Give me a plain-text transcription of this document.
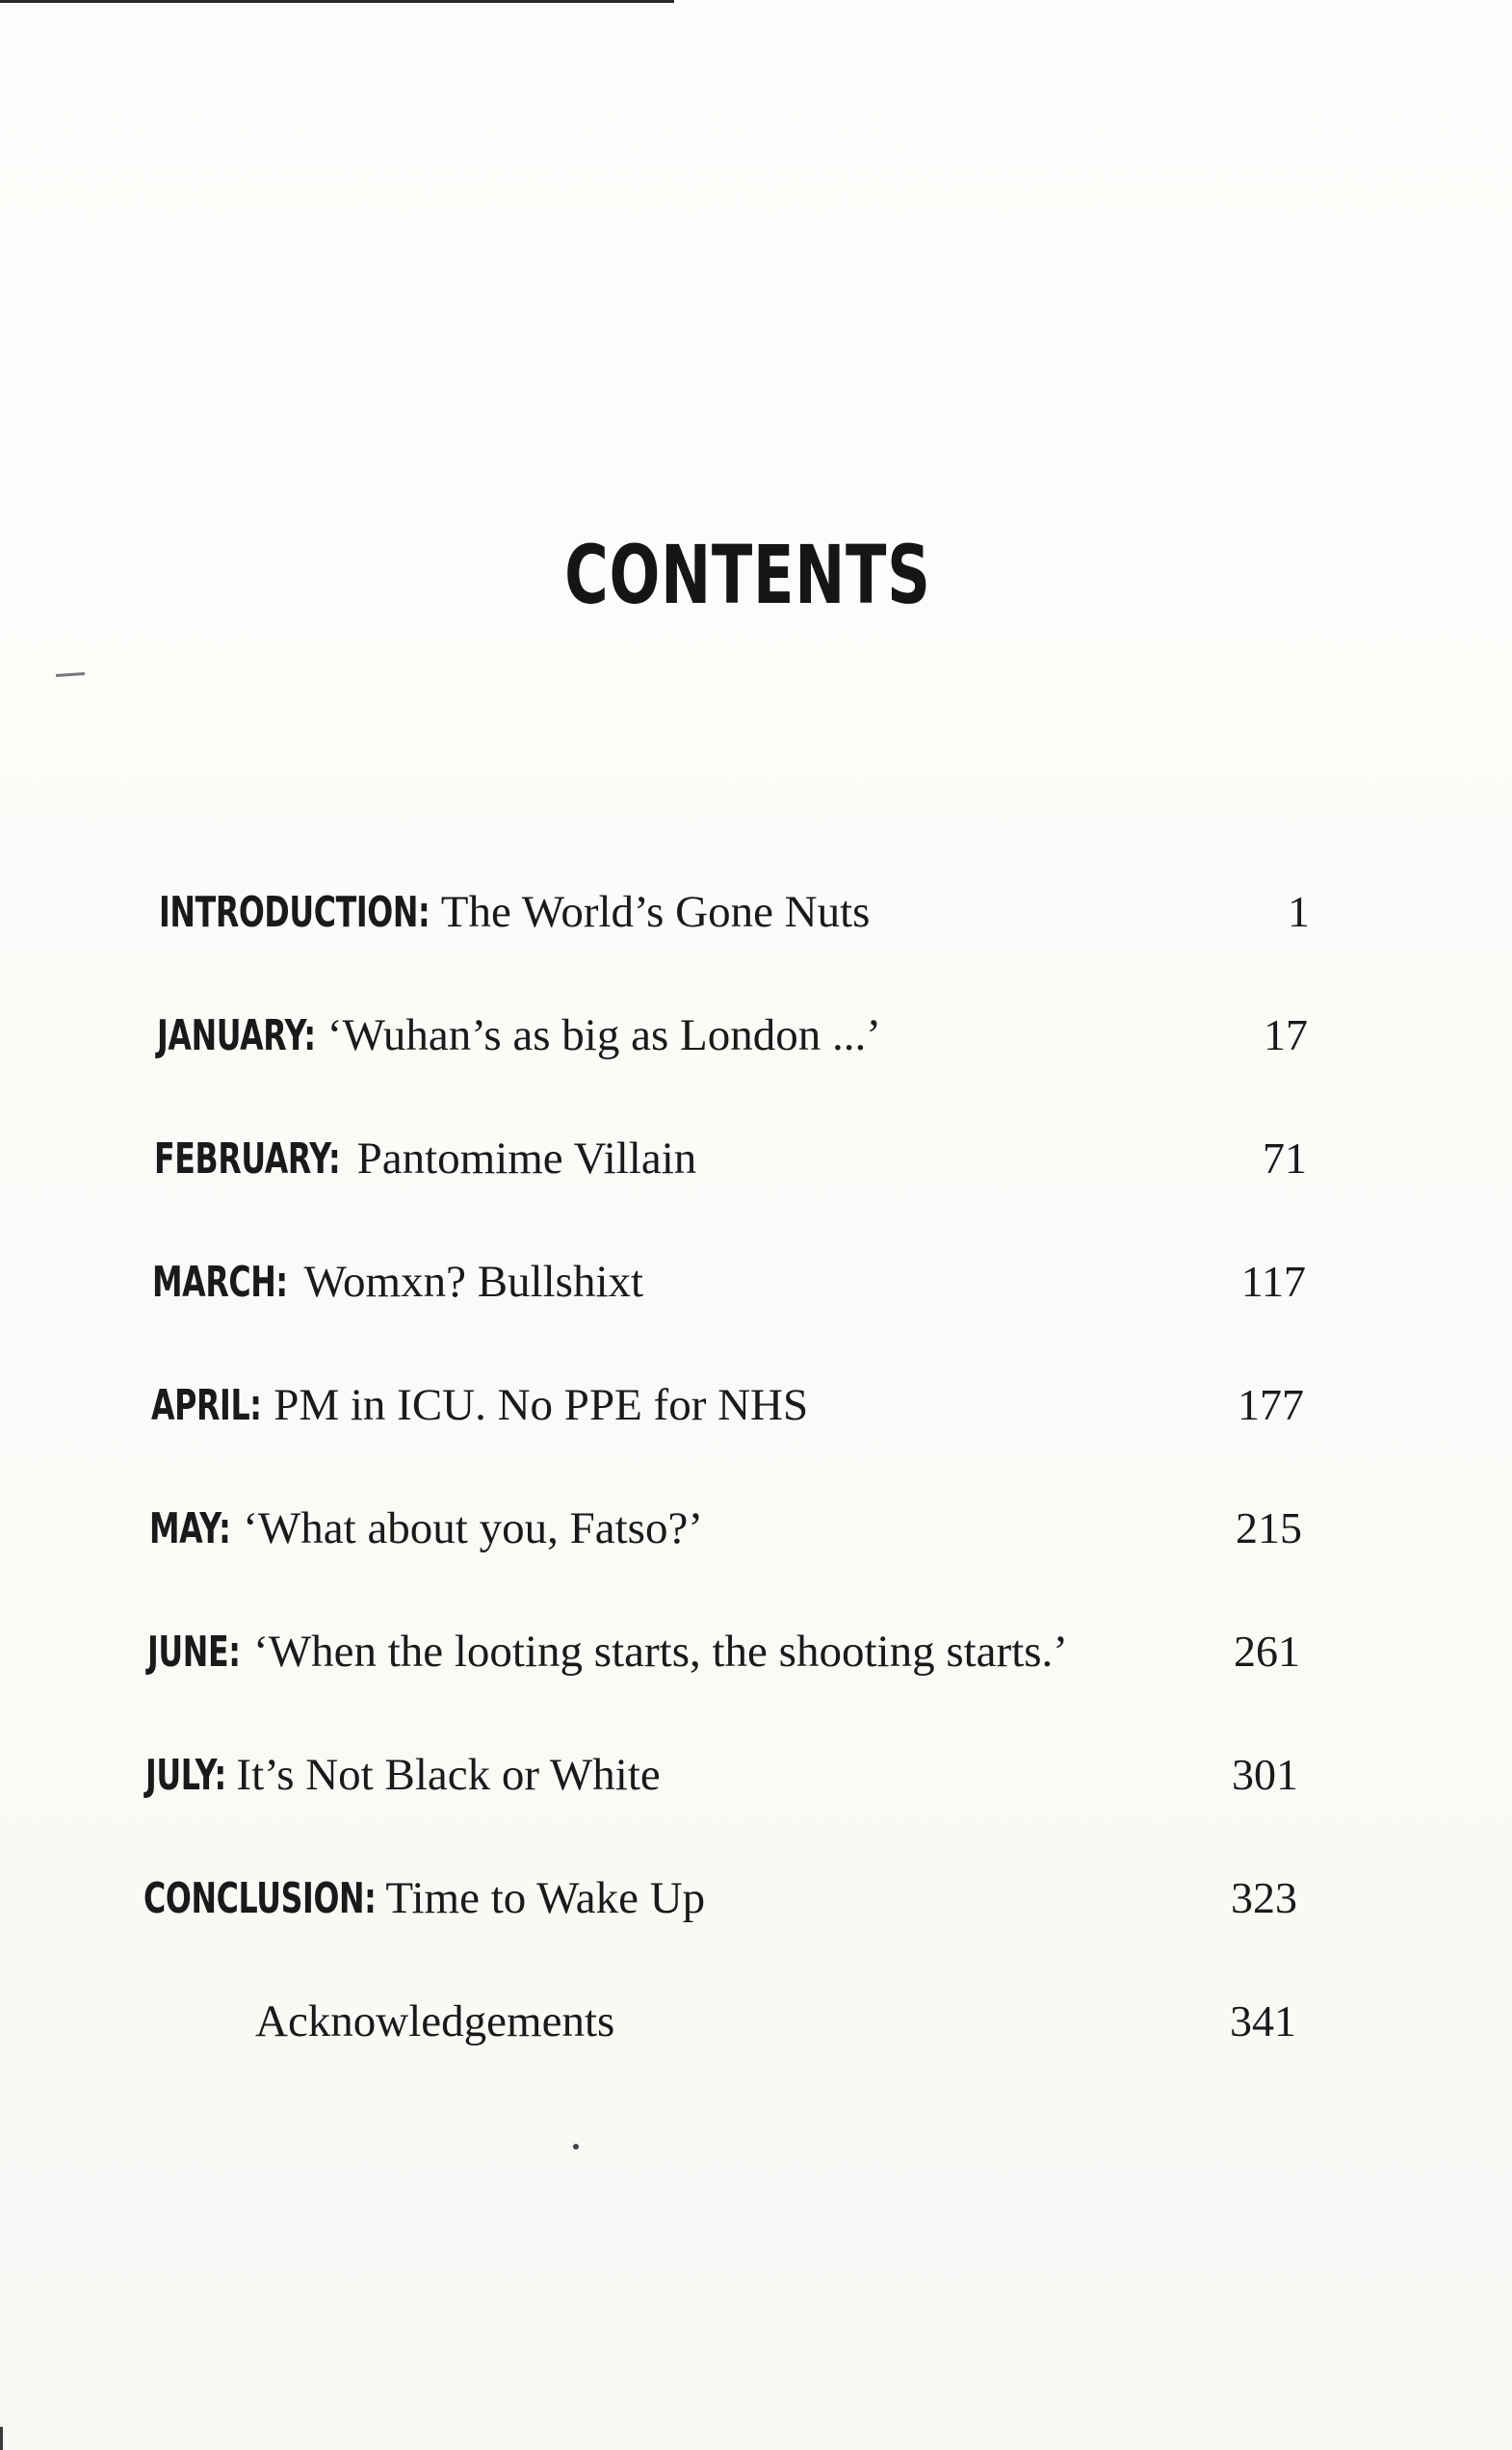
CONTENTS
INTRODUCTION: The World’s Gone Nuts	1
JANUARY: ‘Wuhan’s as big as London ...’	17
FEBRUARY: Pantomime Villain	71
MARCH: Womxn? Bullshixt	117
APRIL: PM in ICU. No PPE for NHS	177
MAY: ‘What about you, Fatso?’	215
JUNE: ‘When the looting starts, the shooting starts.’	261
JULY: It’s Not Black or White	301
CONCLUSION: Time to Wake Up	323
Acknowledgements	341
